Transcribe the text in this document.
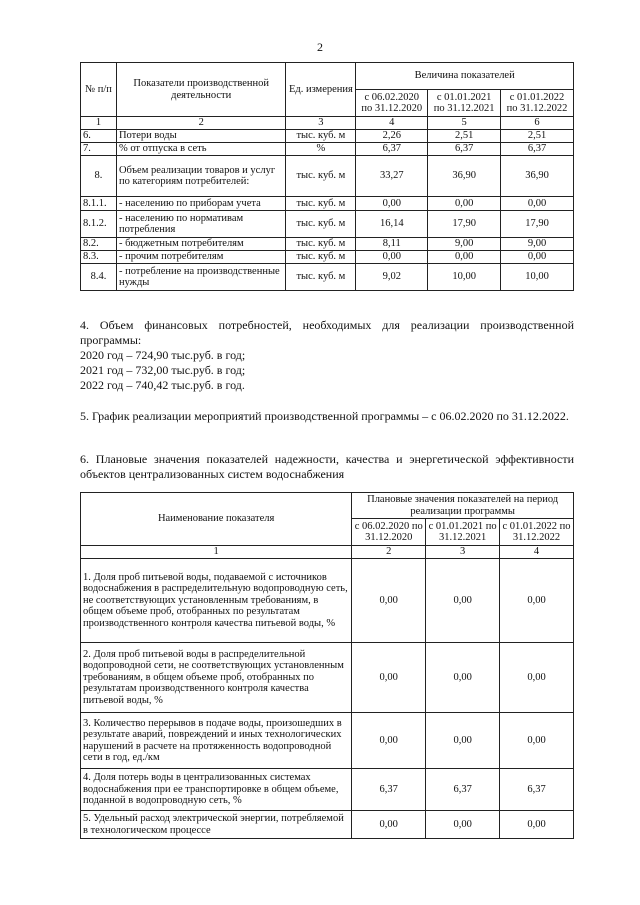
2
№ п/п	Показатели производственной деятельности	Ед. измерения	Величина показателей		
			с 06.02.2020 по 31.12.2020	с 01.01.2021 по 31.12.2021	с 01.01.2022 по 31.12.2022
1	2	3	4	5	6
6.	Потери воды	тыс. куб. м	2,26	2,51	2,51
7.	% от отпуска в сеть	%	6,37	6,37	6,37
8.	Объем реализации товаров и услуг по категориям потребителей:	тыс. куб. м	33,27	36,90	36,90
8.1.1.	- населению по приборам учета	тыс. куб. м	0,00	0,00	0,00
8.1.2.	- населению по нормативам потребления	тыс. куб. м	16,14	17,90	17,90
8.2.	- бюджетным потребителям	тыс. куб. м	8,11	9,00	9,00
8.3.	- прочим потребителям	тыс. куб. м	0,00	0,00	0,00
8.4.	- потребление на производственные нужды	тыс. куб. м	9,02	10,00	10,00
4. Объем финансовых потребностей, необходимых для реализации производственной программы:
2020 год – 724,90 тыс.руб. в год;
2021 год – 732,00 тыс.руб. в год;
2022 год – 740,42 тыс.руб. в год.
5. График реализации мероприятий производственной программы – с 06.02.2020 по 31.12.2022.
6. Плановые значения показателей надежности, качества и энергетической эффективности объектов централизованных систем водоснабжения
Наименование показателя	Плановые значения показателей на период реализации программы		
	с 06.02.2020 по 31.12.2020	с 01.01.2021 по 31.12.2021	с 01.01.2022 по 31.12.2022
1	2	3	4
1. Доля проб питьевой воды, подаваемой с источников водоснабжения в распределительную водопроводную сеть, не соответствующих установленным требованиям, в общем объеме проб, отобранных по результатам производственного контроля качества питьевой воды, %	0,00	0,00	0,00
2. Доля проб питьевой воды в распределительной водопроводной сети, не соответствующих установленным требованиям, в общем объеме проб, отобранных по результатам производственного контроля качества питьевой воды, %	0,00	0,00	0,00
3. Количество перерывов в подаче воды, произошедших в результате аварий, повреждений и иных технологических нарушений в расчете на протяженность водопроводной сети в год, ед./км	0,00	0,00	0,00
4. Доля потерь воды в централизованных системах водоснабжения при ее транспортировке в общем объеме, поданной в водопроводную сеть, %	6,37	6,37	6,37
5. Удельный расход электрической энергии, потребляемой в технологическом процессе	0,00	0,00	0,00
